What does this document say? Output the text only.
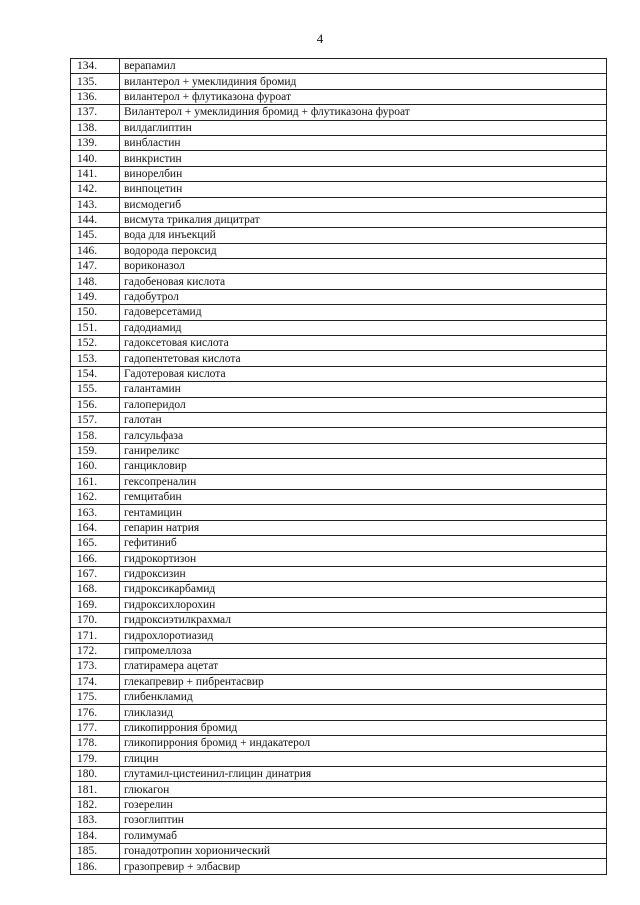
4
134.	верапамил
135.	вилантерол + умеклидиния бромид
136.	вилантерол + флутиказона фуроат
137.	Вилантерол + умеклидиния бромид + флутиказона фуроат
138.	вилдаглиптин
139.	винбластин
140.	винкристин
141.	винорелбин
142.	винпоцетин
143.	висмодегиб
144.	висмута трикалия дицитрат
145.	вода для инъекций
146.	водорода пероксид
147.	вориконазол
148.	гадобеновая кислота
149.	гадобутрол
150.	гадоверсетамид
151.	гадодиамид
152.	гадоксетовая кислота
153.	гадопентетовая кислота
154.	Гадотеровая кислота
155.	галантамин
156.	галоперидол
157.	галотан
158.	галсульфаза
159.	ганиреликс
160.	ганцикловир
161.	гексопреналин
162.	гемцитабин
163.	гентамицин
164.	гепарин натрия
165.	гефитиниб
166.	гидрокортизон
167.	гидроксизин
168.	гидроксикарбамид
169.	гидроксихлорохин
170.	гидроксиэтилкрахмал
171.	гидрохлоротиазид
172.	гипромеллоза
173.	глатирамера ацетат
174.	глекапревир + пибрентасвир
175.	глибенкламид
176.	гликлазид
177.	гликопиррония бромид
178.	гликопиррония бромид + индакатерол
179.	глицин
180.	глутамил-цистеинил-глицин динатрия
181.	глюкагон
182.	гозерелин
183.	гозоглиптин
184.	голимумаб
185.	гонадотропин хорионический
186.	гразопревир + элбасвир
